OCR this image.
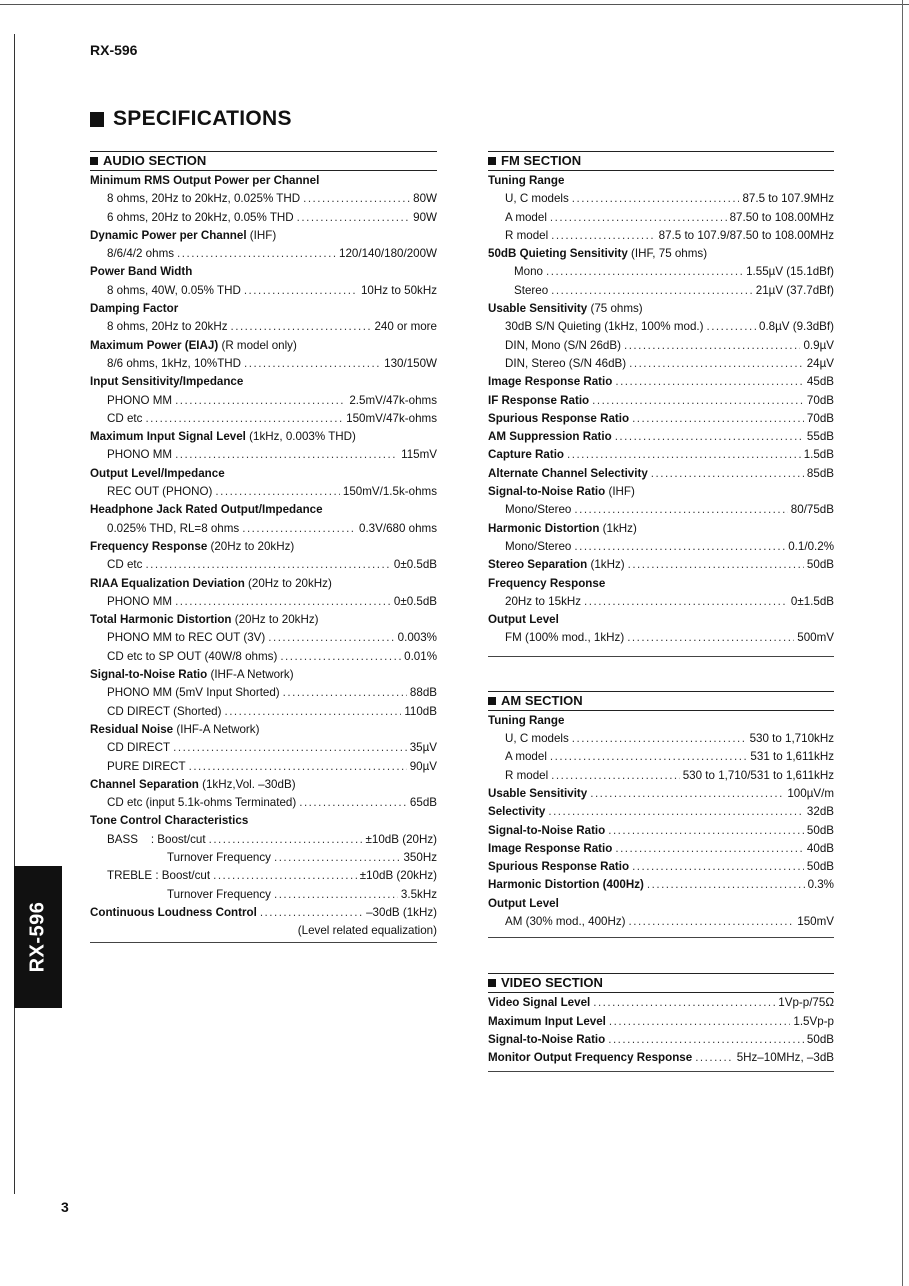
RX-596
SPECIFICATIONS
AUDIO SECTION
Minimum RMS Output Power per Channel
8 ohms, 20Hz to 20kHz, 0.025% THD .....	80W
6 ohms, 20Hz to 20kHz, 0.05% THD .....	90W
Dynamic Power per Channel (IHF)
8/6/4/2 ohms .....	120/140/180/200W
Power Band Width
8 ohms, 40W, 0.05% THD .....	10Hz to 50kHz
Damping Factor
8 ohms, 20Hz to 20kHz .....	240 or more
Maximum Power (EIAJ) (R model only)
8/6 ohms, 1kHz, 10%THD .....	130/150W
Input Sensitivity/Impedance
PHONO MM .....	2.5mV/47k-ohms
CD etc .....	150mV/47k-ohms
Maximum Input Signal Level (1kHz, 0.003% THD)
PHONO MM .....	115mV
Output Level/Impedance
REC OUT (PHONO) .....	150mV/1.5k-ohms
Headphone Jack Rated Output/Impedance
0.025% THD, RL=8 ohms .....	0.3V/680 ohms
Frequency Response (20Hz to 20kHz)
CD etc .....	0±0.5dB
RIAA Equalization Deviation (20Hz to 20kHz)
PHONO MM .....	0±0.5dB
Total Harmonic Distortion (20Hz to 20kHz)
PHONO MM to REC OUT (3V) .....	0.003%
CD etc to SP OUT (40W/8 ohms) .....	0.01%
Signal-to-Noise Ratio (IHF-A Network)
PHONO MM (5mV Input Shorted) .....	88dB
CD DIRECT (Shorted) .....	110dB
Residual Noise (IHF-A Network)
CD DIRECT .....	35µV
PURE DIRECT .....	90µV
Channel Separation (1kHz,Vol. –30dB)
CD etc (input 5.1k-ohms Terminated) .....	65dB
Tone Control Characteristics
BASS    : Boost/cut .....	±10dB (20Hz)
Turnover Frequency .....	350Hz
TREBLE : Boost/cut .....	±10dB (20kHz)
Turnover Frequency .....	3.5kHz
Continuous Loudness Control .....	–30dB (1kHz)
(Level related equalization)
FM SECTION
Tuning Range
U, C models .....	87.5 to 107.9MHz
A model .....	87.50 to 108.00MHz
R model .....	87.5 to 107.9/87.50 to 108.00MHz
50dB Quieting Sensitivity (IHF, 75 ohms)
Mono .....	1.55µV (15.1dBf)
Stereo .....	21µV (37.7dBf)
Usable Sensitivity (75 ohms)
30dB S/N Quieting (1kHz, 100% mod.) .....	0.8µV (9.3dBf)
DIN, Mono (S/N 26dB) .....	0.9µV
DIN, Stereo (S/N 46dB) .....	24µV
Image Response Ratio .....	45dB
IF Response Ratio .....	70dB
Spurious Response Ratio .....	70dB
AM Suppression Ratio .....	55dB
Capture Ratio .....	1.5dB
Alternate Channel Selectivity .....	85dB
Signal-to-Noise Ratio (IHF)
Mono/Stereo .....	80/75dB
Harmonic Distortion (1kHz)
Mono/Stereo .....	0.1/0.2%
Stereo Separation (1kHz) .....	50dB
Frequency Response
20Hz to 15kHz .....	0±1.5dB
Output Level
FM (100% mod., 1kHz) .....	500mV
AM SECTION
Tuning Range
U, C models .....	530 to 1,710kHz
A model .....	531 to 1,611kHz
R model .....	530 to 1,710/531 to 1,611kHz
Usable Sensitivity .....	100µV/m
Selectivity .....	32dB
Signal-to-Noise Ratio .....	50dB
Image Response Ratio .....	40dB
Spurious Response Ratio .....	50dB
Harmonic Distortion (400Hz) .....	0.3%
Output Level
AM (30% mod., 400Hz) .....	150mV
VIDEO SECTION
Video Signal Level .....	1Vp-p/75Ω
Maximum Input Level .....	1.5Vp-p
Signal-to-Noise Ratio .....	50dB
Monitor Output Frequency Response .....	5Hz–10MHz, –3dB
RX-596
3
